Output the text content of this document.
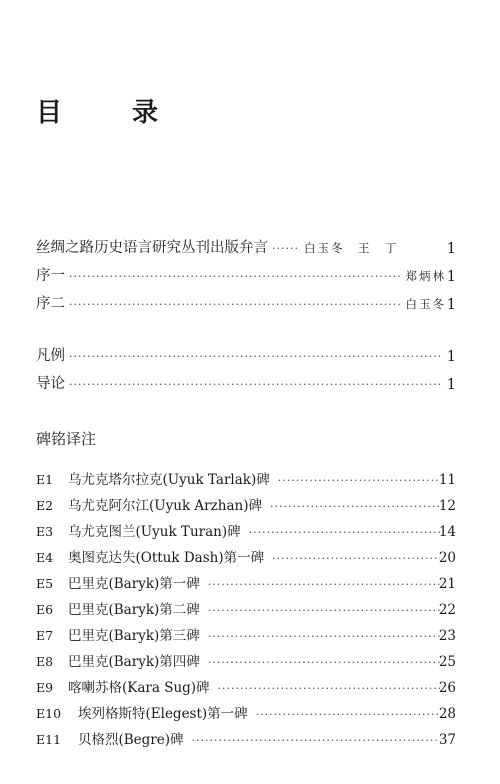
目　录
丝绸之路历史语言研究丛刊出版弁言 ·····	白玉冬　王　丁	1
序一 ·····	郑炳林 1
序二 ·····	白玉冬 1
凡例 ·····	1
导论 ·····	1
碑铭译注
E1	乌尤克塔尔拉克(Uyuk Tarlak)碑 ·····	11
E2	乌尤克阿尔江(Uyuk Arzhan)碑 ·····	12
E3	乌尤克图兰(Uyuk Turan)碑 ·····	14
E4	奥图克达失(Ottuk Dash)第一碑 ·····	20
E5	巴里克(Baryk)第一碑 ·····	21
E6	巴里克(Baryk)第二碑 ·····	22
E7	巴里克(Baryk)第三碑 ·····	23
E8	巴里克(Baryk)第四碑 ·····	25
E9	喀喇苏格(Kara Sug)碑 ·····	26
E10	埃列格斯特(Elegest)第一碑 ·····	28
E11	贝格烈(Begre)碑 ·····	37
